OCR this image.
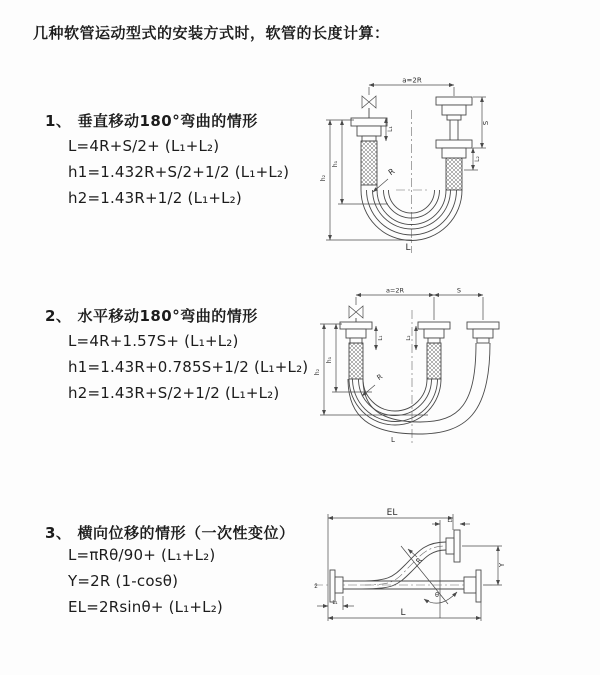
几种软管运动型式的安装方式时，软管的长度计算：
1、 垂直移动180°弯曲的情形
L=4R+S/2+ (L₁+L₂)
h1=1.432R+S/2+1/2 (L₁+L₂)
h2=1.43R+1/2 (L₁+L₂)
a=2R
L₁
S
L₂
h₂
h₁
R
L
2、 水平移动180°弯曲的情形
L=4R+1.57S+ (L₁+L₂)
h1=1.43R+0.785S+1/2 (L₁+L₂)
h2=1.43R+S/2+1/2 (L₁+L₂)
a=2R	S
L₁	L₂
h₂
h₁
R
L
3、 横向位移的情形（一次性变位）
L=πRθ/90+ (L₁+L₂)
Y=2R (1-cosθ)
EL=2Rsinθ+ (L₁+L₂)
EL
L₂
Y
z̄
R
θ
L₁
L
